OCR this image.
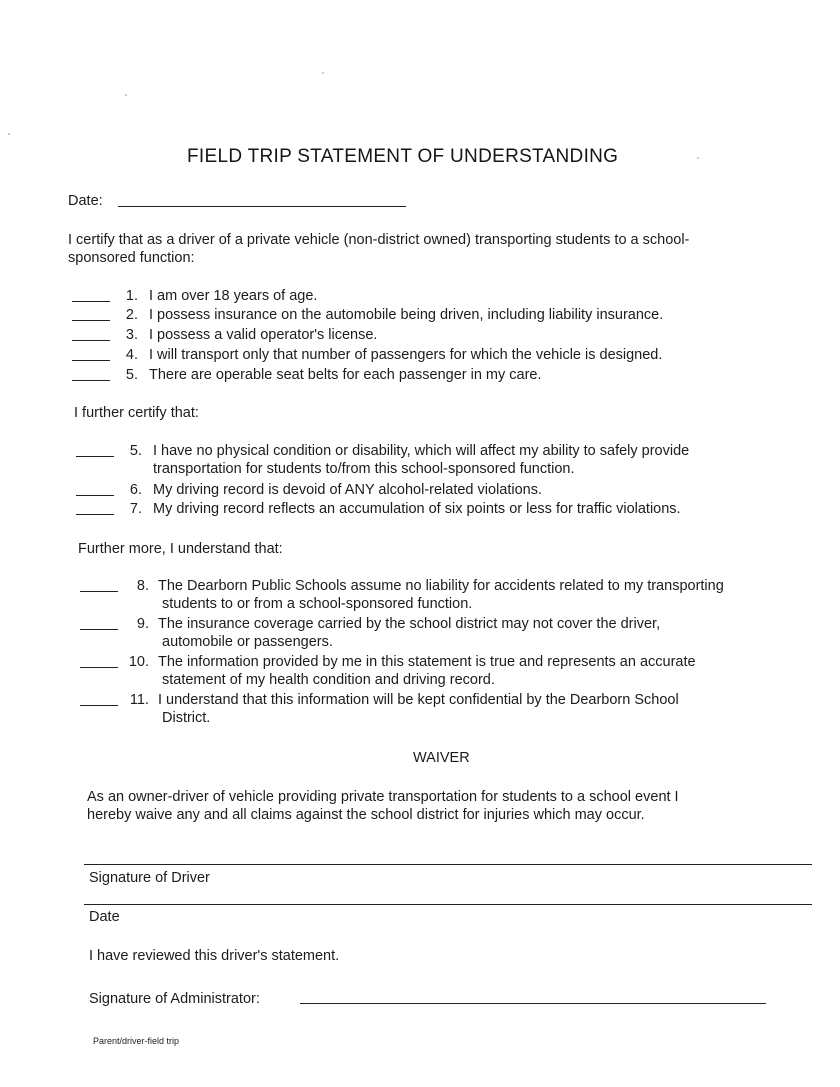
FIELD TRIP STATEMENT OF UNDERSTANDING
Date:
I certify that as a driver of a private vehicle (non-district owned) transporting students to a school-
sponsored function:
1. I am over 18 years of age.
2. I possess insurance on the automobile being driven, including liability insurance.
3. I possess a valid operator's license.
4. I will transport only that number of passengers for which the vehicle is designed.
5. There are operable seat belts for each passenger in my care.
I further certify that:
5. I have no physical condition or disability, which will affect my ability to safely provide
transportation for students to/from this school-sponsored function.
6. My driving record is devoid of ANY alcohol-related violations.
7. My driving record reflects an accumulation of six points or less for traffic violations.
Further more, I understand that:
8. The Dearborn Public Schools assume no liability for accidents related to my transporting
students to or from a school-sponsored function.
9. The insurance coverage carried by the school district may not cover the driver,
automobile or passengers.
10. The information provided by me in this statement is true and represents an accurate
statement of my health condition and driving record.
11. I understand that this information will be kept confidential by the Dearborn School
District.
WAIVER
As an owner-driver of vehicle providing private transportation for students to a school event I
hereby waive any and all claims against the school district for injuries which may occur.
Signature of Driver
Date
I have reviewed this driver's statement.
Signature of Administrator:
Parent/driver-field trip
